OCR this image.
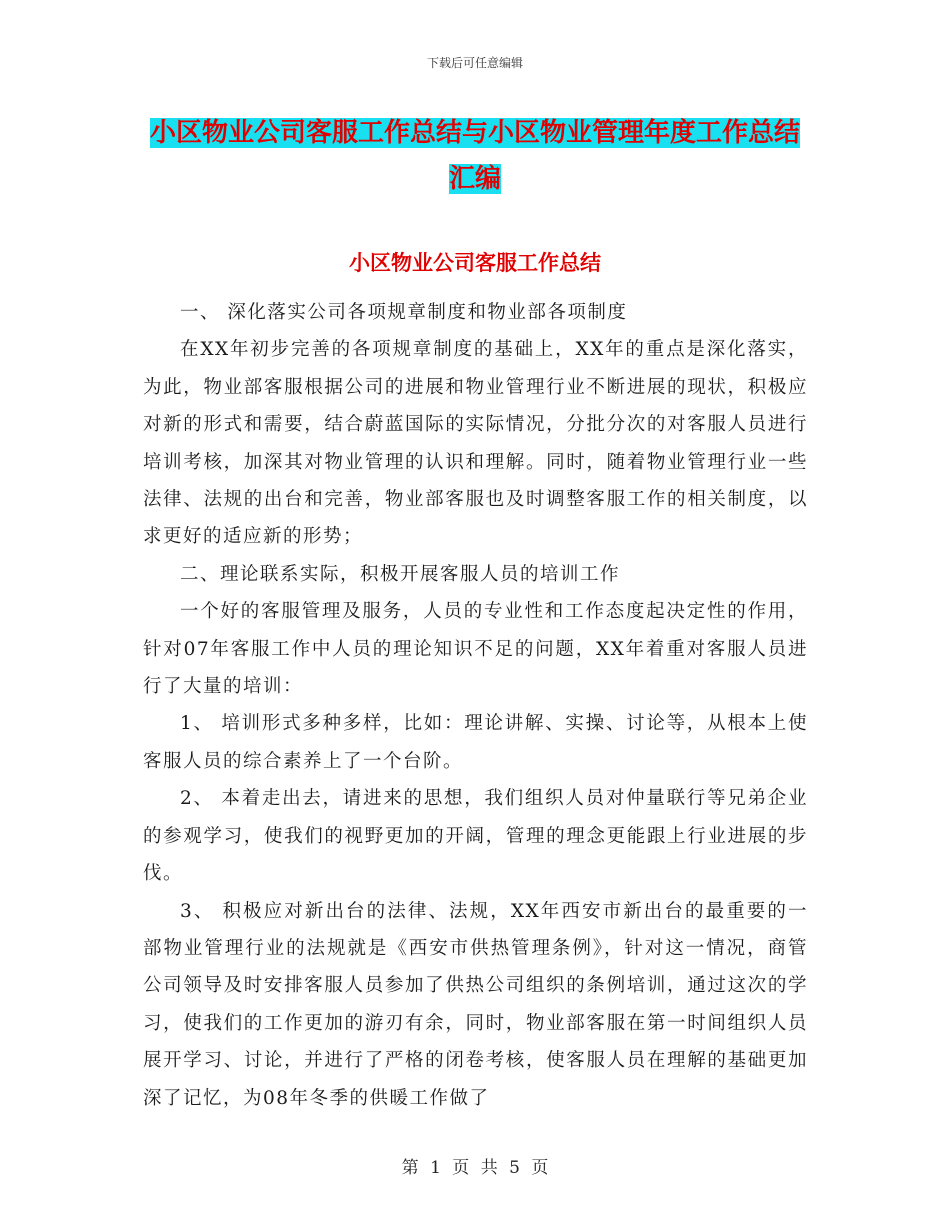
下载后可任意编辑
小区物业公司客服工作总结与小区物业管理年度工作总结汇编
小区物业公司客服工作总结

一、 深化落实公司各项规章制度和物业部各项制度

在XX年初步完善的各项规章制度的基础上，XX年的重点是深化落实，为此，物业部客服根据公司的进展和物业管理行业不断进展的现状，积极应对新的形式和需要，结合蔚蓝国际的实际情况，分批分次的对客服人员进行培训考核，加深其对物业管理的认识和理解。同时，随着物业管理行业一些法律、法规的出台和完善，物业部客服也及时调整客服工作的相关制度，以求更好的适应新的形势；

二、理论联系实际，积极开展客服人员的培训工作

一个好的客服管理及服务，人员的专业性和工作态度起决定性的作用，针对07年客服工作中人员的理论知识不足的问题，XX年着重对客服人员进行了大量的培训：

1、 培训形式多种多样，比如：理论讲解、实操、讨论等，从根本上使客服人员的综合素养上了一个台阶。

2、 本着走出去，请进来的思想，我们组织人员对仲量联行等兄弟企业的参观学习，使我们的视野更加的开阔，管理的理念更能跟上行业进展的步伐。

3、 积极应对新出台的法律、法规，XX年西安市新出台的最重要的一部物业管理行业的法规就是《西安市供热管理条例》，针对这一情况，商管公司领导及时安排客服人员参加了供热公司组织的条例培训，通过这次的学习，使我们的工作更加的游刃有余，同时，物业部客服在第一时间组织人员展开学习、讨论，并进行了严格的闭卷考核，使客服人员在理解的基础更加深了记忆，为08年冬季的供暖工作做了

第 1 页 共 5 页
